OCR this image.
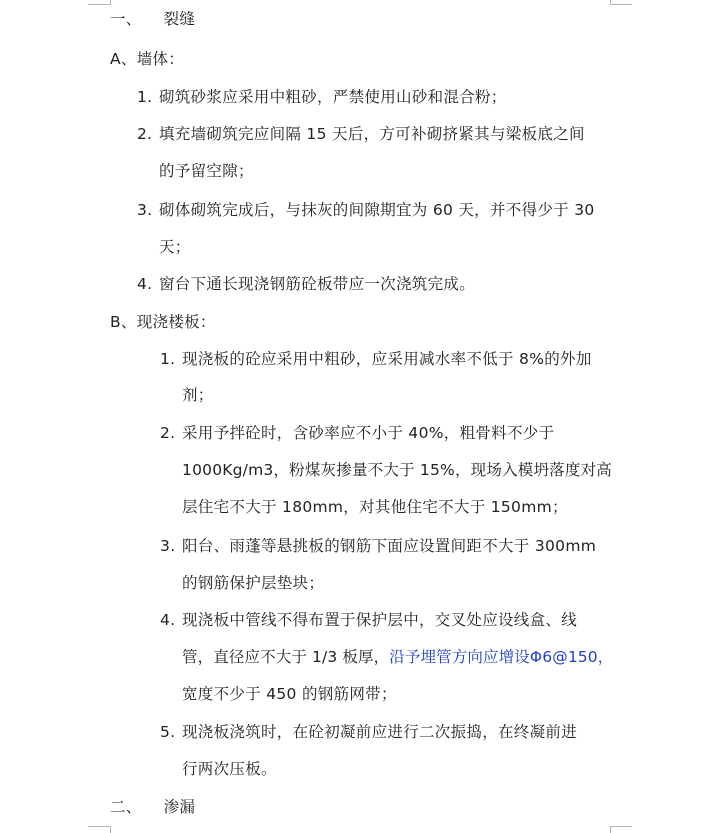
一、 裂缝
A、墙体：
1. 砌筑砂浆应采用中粗砂，严禁使用山砂和混合粉；
2. 填充墙砌筑完应间隔 15 天后，方可补砌挤紧其与梁板底之间
的予留空隙；
3. 砌体砌筑完成后，与抹灰的间隙期宜为 60 天，并不得少于 30
天；
4. 窗台下通长现浇钢筋砼板带应一次浇筑完成。
B、现浇楼板：
1. 现浇板的砼应采用中粗砂，应采用减水率不低于 8%的外加
剂；
2. 采用予拌砼时，含砂率应不小于 40%，粗骨料不少于
1000Kg/m3，粉煤灰掺量不大于 15%，现场入模坍落度对高
层住宅不大于 180mm，对其他住宅不大于 150mm；
3. 阳台、雨蓬等悬挑板的钢筋下面应设置间距不大于 300mm
的钢筋保护层垫块；
4. 现浇板中管线不得布置于保护层中，交叉处应设线盒、线
管，直径应不大于 1/3 板厚，沿予埋管方向应增设Φ6@150，
宽度不少于 450 的钢筋网带；
5. 现浇板浇筑时，在砼初凝前应进行二次振捣，在终凝前进
行两次压板。
二、 渗漏
